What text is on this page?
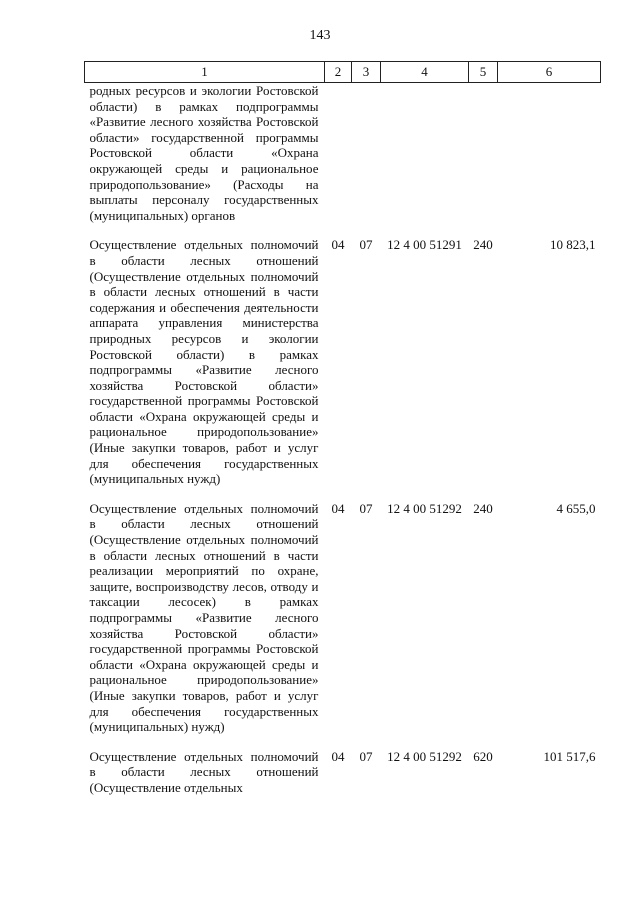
143
1	2	3	4	5	6
родных ресурсов и экологии Ростовской области) в рамках подпрограммы «Развитие лесного хозяйства Ростовской области» государственной программы Ростовской области «Охрана окружающей среды и рациональное природопользование» (Расходы на выплаты персоналу государственных (муниципальных) органов					
Осуществление отдельных полномочий в области лесных отношений (Осуществление отдельных полномочий в области лесных отношений в части содержания и обеспечения деятельности аппарата управления министерства природных ресурсов и экологии Ростовской области) в рамках подпрограммы «Развитие лесного хозяйства Ростовской области» государственной программы Ростовской области «Охрана окружающей среды и рациональное природопользование» (Иные закупки товаров, работ и услуг для обеспечения государственных (муниципальных нужд)	04	07	12 4 00 51291	240	10 823,1
Осуществление отдельных полномочий в области лесных отношений (Осуществление отдельных полномочий в области лесных отношений в части реализации мероприятий по охране, защите, воспроизводству лесов, отводу и таксации лесосек) в рамках подпрограммы «Развитие лесного хозяйства Ростовской области» государственной программы Ростовской области «Охрана окружающей среды и рациональное природопользование» (Иные закупки товаров, работ и услуг для обеспечения государственных (муниципальных) нужд)	04	07	12 4 00 51292	240	4 655,0
Осуществление отдельных полномочий в области лесных отношений (Осуществление отдельных	04	07	12 4 00 51292	620	101 517,6
